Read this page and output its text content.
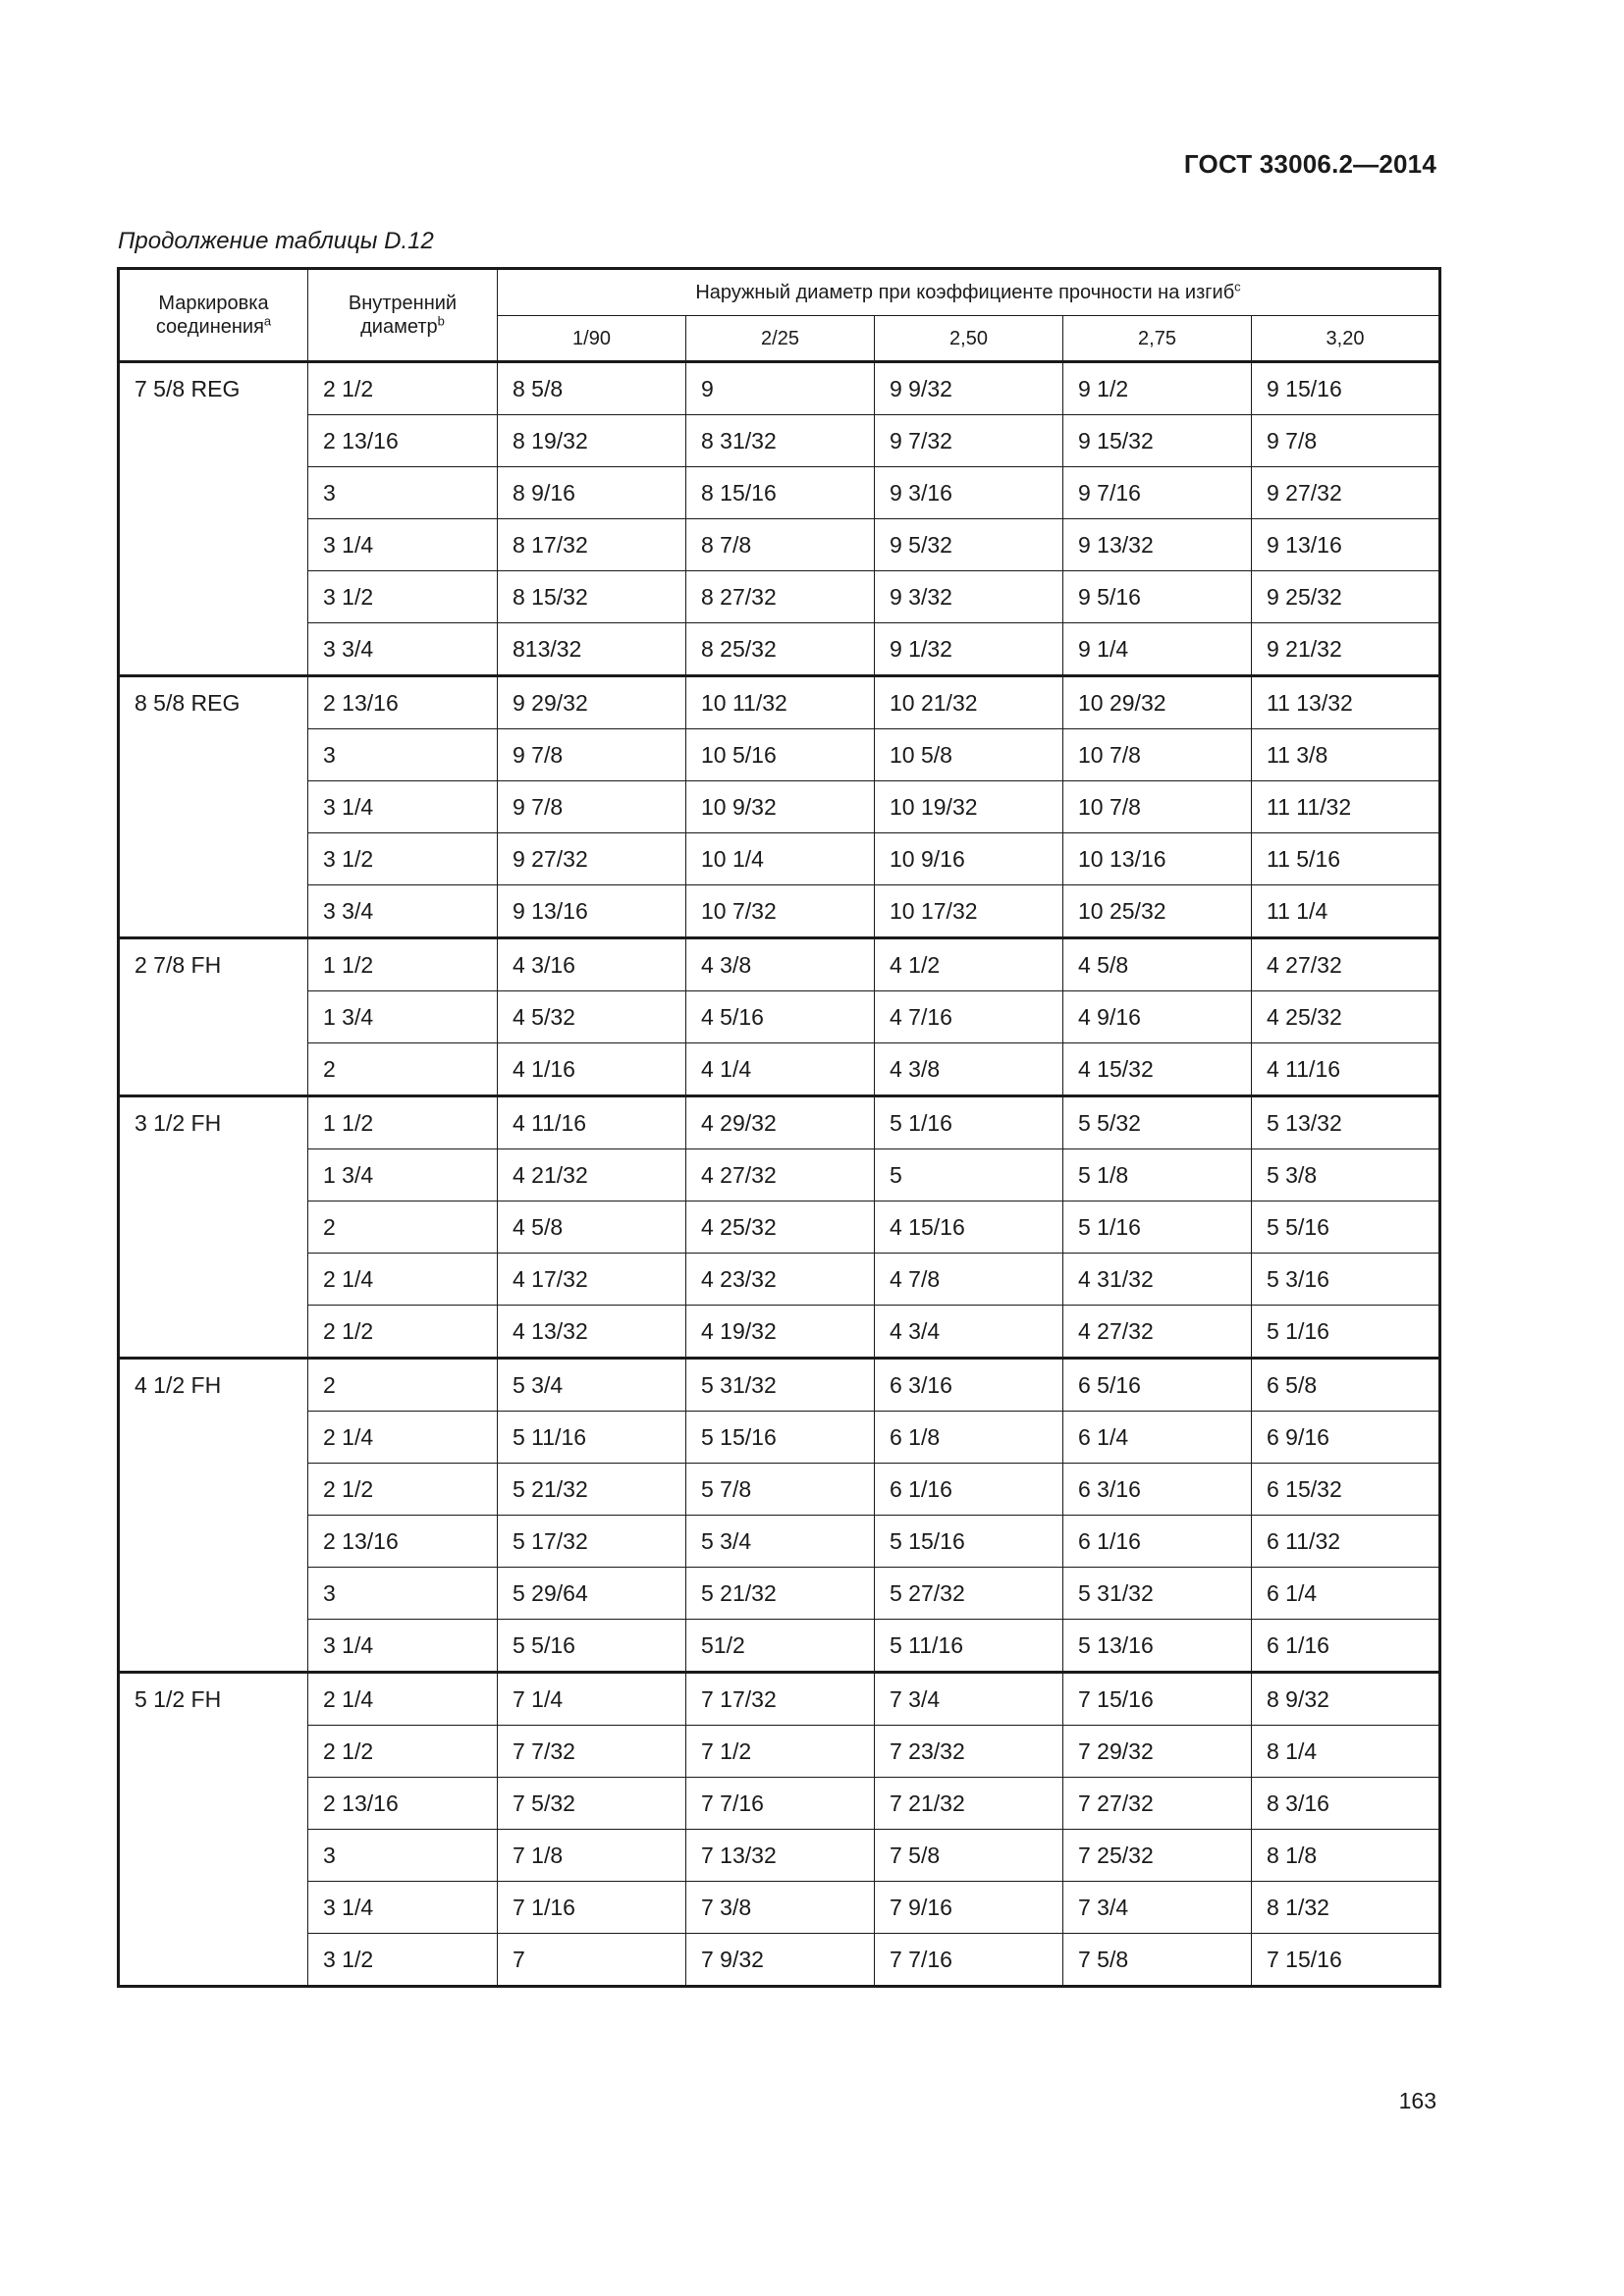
ГОСТ 33006.2—2014
Продолжение таблицы D.12
Маркировка соединения$^a$	Внутренний диаметр$^b$	Наружный диаметр при коэффициенте прочности на изгиб$^c$
		1/90	2/25	2,50	2,75	3,20
7 5/8 REG	2 1/2	8 5/8	9	9 9/32	9 1/2	9 15/16
	2 13/16	8 19/32	8 31/32	9 7/32	9 15/32	9 7/8
	3	8 9/16	8 15/16	9 3/16	9 7/16	9 27/32
	3 1/4	8 17/32	8 7/8	9 5/32	9 13/32	9 13/16
	3 1/2	8 15/32	8 27/32	9 3/32	9 5/16	9 25/32
	3 3/4	813/32	8 25/32	9 1/32	9 1/4	9 21/32
8 5/8 REG	2 13/16	9 29/32	10 11/32	10 21/32	10 29/32	11 13/32
	3	9 7/8	10 5/16	10 5/8	10 7/8	11 3/8
	3 1/4	9 7/8	10 9/32	10 19/32	10 7/8	11 11/32
	3 1/2	9 27/32	10 1/4	10 9/16	10 13/16	11 5/16
	3 3/4	9 13/16	10 7/32	10 17/32	10 25/32	11 1/4
2 7/8 FH	1 1/2	4 3/16	4 3/8	4 1/2	4 5/8	4 27/32
	1 3/4	4 5/32	4 5/16	4 7/16	4 9/16	4 25/32
	2	4 1/16	4 1/4	4 3/8	4 15/32	4 11/16
3 1/2 FH	1 1/2	4 11/16	4 29/32	5 1/16	5 5/32	5 13/32
	1 3/4	4 21/32	4 27/32	5	5 1/8	5 3/8
	2	4 5/8	4 25/32	4 15/16	5 1/16	5 5/16
	2 1/4	4 17/32	4 23/32	4 7/8	4 31/32	5 3/16
	2 1/2	4 13/32	4 19/32	4 3/4	4 27/32	5 1/16
4 1/2 FH	2	5 3/4	5 31/32	6 3/16	6 5/16	6 5/8
	2 1/4	5 11/16	5 15/16	6 1/8	6 1/4	6 9/16
	2 1/2	5 21/32	5 7/8	6 1/16	6 3/16	6 15/32
	2 13/16	5 17/32	5 3/4	5 15/16	6 1/16	6 11/32
	3	5 29/64	5 21/32	5 27/32	5 31/32	6 1/4
	3 1/4	5 5/16	51/2	5 11/16	5 13/16	6 1/16
5 1/2 FH	2 1/4	7 1/4	7 17/32	7 3/4	7 15/16	8 9/32
	2 1/2	7 7/32	7 1/2	7 23/32	7 29/32	8 1/4
	2 13/16	7 5/32	7 7/16	7 21/32	7 27/32	8 3/16
	3	7 1/8	7 13/32	7 5/8	7 25/32	8 1/8
	3 1/4	7 1/16	7 3/8	7 9/16	7 3/4	8 1/32
	3 1/2	7	7 9/32	7 7/16	7 5/8	7 15/16
163
